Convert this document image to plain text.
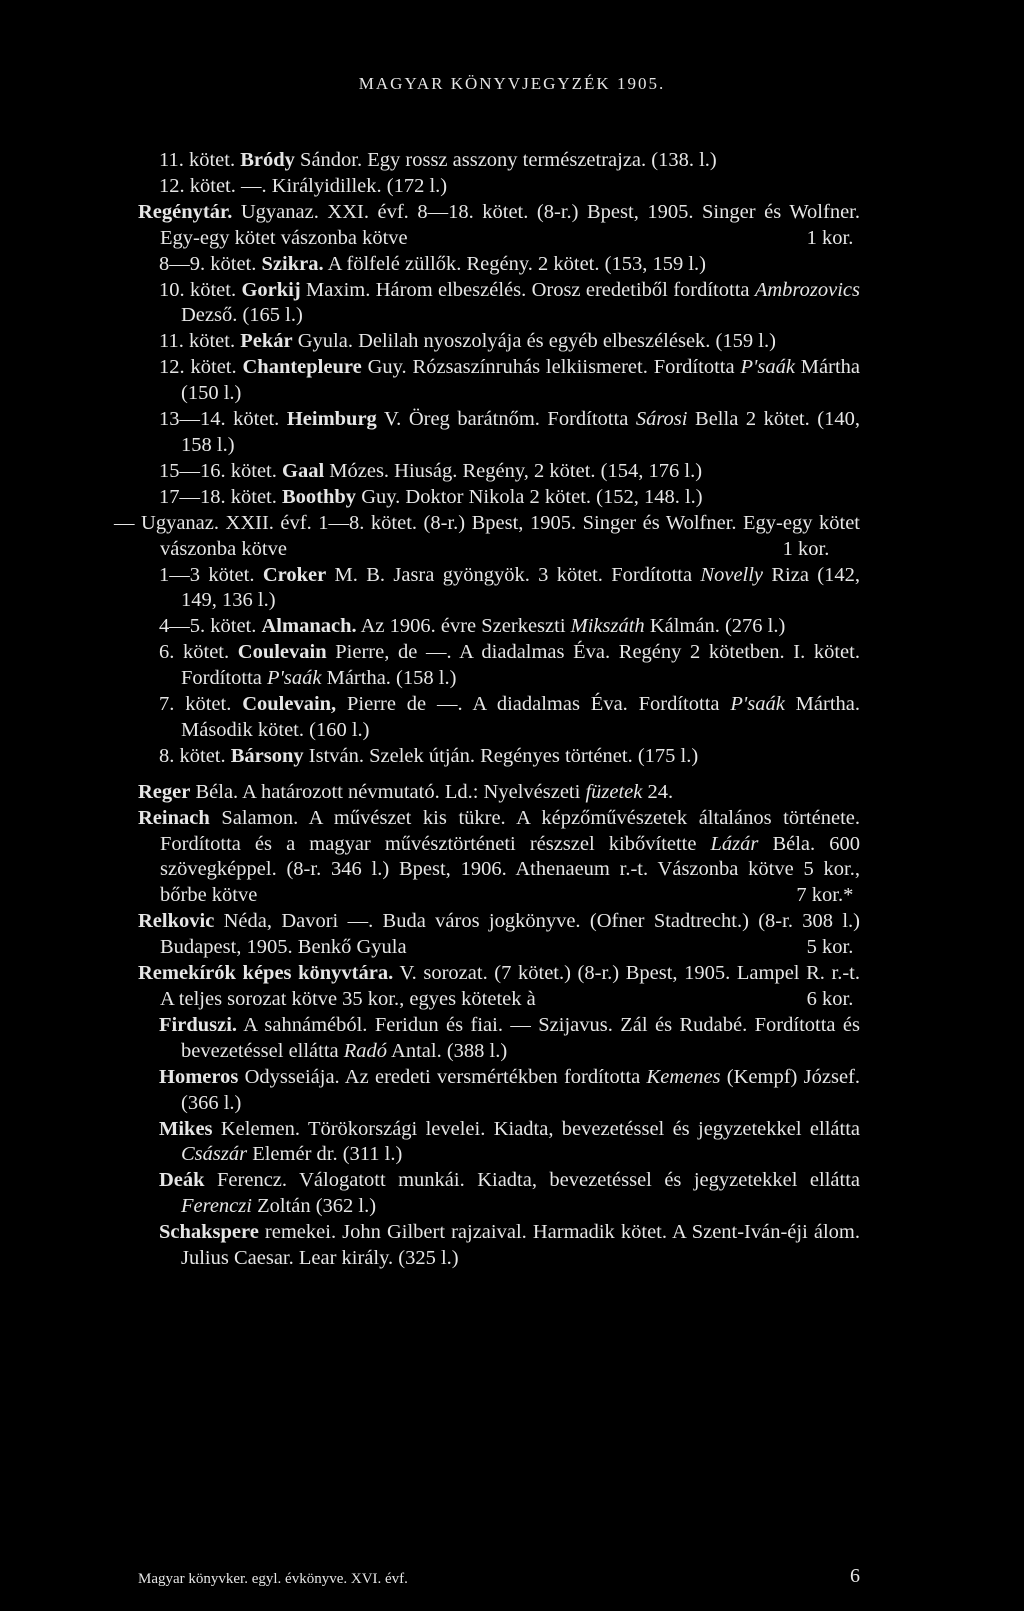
MAGYAR KÖNYVJEGYZÉK 1905.

11. kötet. Bródy Sándor. Egy rossz asszony természetrajza. (138. l.)

12. kötet. —. Királyidillek. (172 l.)

Regénytár. Ugyanaz. XXI. évf. 8—18. kötet. (8-r.) Bpest, 1905. Singer és Wolfner. Egy-egy kötet vászonba kötve	1 kor.

8—9. kötet. Szikra. A fölfelé züllők. Regény. 2 kötet. (153, 159 l.)

10. kötet. Gorkij Maxim. Három elbeszélés. Orosz eredetiből fordította Ambrozovics Dezső. (165 l.)

11. kötet. Pekár Gyula. Delilah nyoszolyája és egyéb elbeszélések. (159 l.)

12. kötet. Chantepleure Guy. Rózsaszínruhás lelkiismeret. Fordította P'saák Mártha (150 l.)

13—14. kötet. Heimburg V. Öreg barátnőm. Fordította Sárosi Bella 2 kötet. (140, 158 l.)

15—16. kötet. Gaal Mózes. Hiuság. Regény, 2 kötet. (154, 176 l.)

17—18. kötet. Boothby Guy. Doktor Nikola 2 kötet. (152, 148. l.)

— Ugyanaz. XXII. évf. 1—8. kötet. (8-r.) Bpest, 1905. Singer és Wolfner. Egy-egy kötet vászonba kötve	1 kor.

1—3 kötet. Croker M. B. Jasra gyöngyök. 3 kötet. Fordította Novelly Riza (142, 149, 136 l.)

4—5. kötet. Almanach. Az 1906. évre Szerkeszti Mikszáth Kálmán. (276 l.)

6. kötet. Coulevain Pierre, de —. A diadalmas Éva. Regény 2 kötetben. I. kötet. Fordította P'saák Mártha. (158 l.)

7. kötet. Coulevain, Pierre de —. A diadalmas Éva. Fordította P'saák Mártha. Második kötet. (160 l.)

8. kötet. Bársony István. Szelek útján. Regényes történet. (175 l.)

Reger Béla. A határozott névmutató. Ld.: Nyelvészeti füzetek 24.

Reinach Salamon. A művészet kis tükre. A képzőművészetek általános története. Fordította és a magyar művésztörténeti részszel kibővítette Lázár Béla. 600 szövegképpel. (8-r. 346 l.) Bpest, 1906. Athenaeum r.-t. Vászonba kötve 5 kor., bőrbe kötve	7 kor.*

Relkovic Néda, Davori —. Buda város jogkönyve. (Ofner Stadtrecht.) (8-r. 308 l.) Budapest, 1905. Benkő Gyula	5 kor.

Remekírók képes könyvtára. V. sorozat. (7 kötet.) (8-r.) Bpest, 1905. Lampel R. r.-t. A teljes sorozat kötve 35 kor., egyes kötetek à	6 kor.

Firduszi. A sahnáméból. Feridun és fiai. — Szijavus. Zál és Rudabé. Fordította és bevezetéssel ellátta Radó Antal. (388 l.)

Homeros Odysseiája. Az eredeti versmértékben fordította Kemenes (Kempf) József. (366 l.)

Mikes Kelemen. Törökországi levelei. Kiadta, bevezetéssel és jegyzetekkel ellátta Császár Elemér dr. (311 l.)

Deák Ferencz. Válogatott munkái. Kiadta, bevezetéssel és jegyzetekkel ellátta Ferenczi Zoltán (362 l.)

Schakspere remekei. John Gilbert rajzaival. Harmadik kötet. A Szent-Iván-éji álom. Julius Caesar. Lear király. (325 l.)

Magyar könyvker. egyl. évkönyve. XVI. évf.	6
